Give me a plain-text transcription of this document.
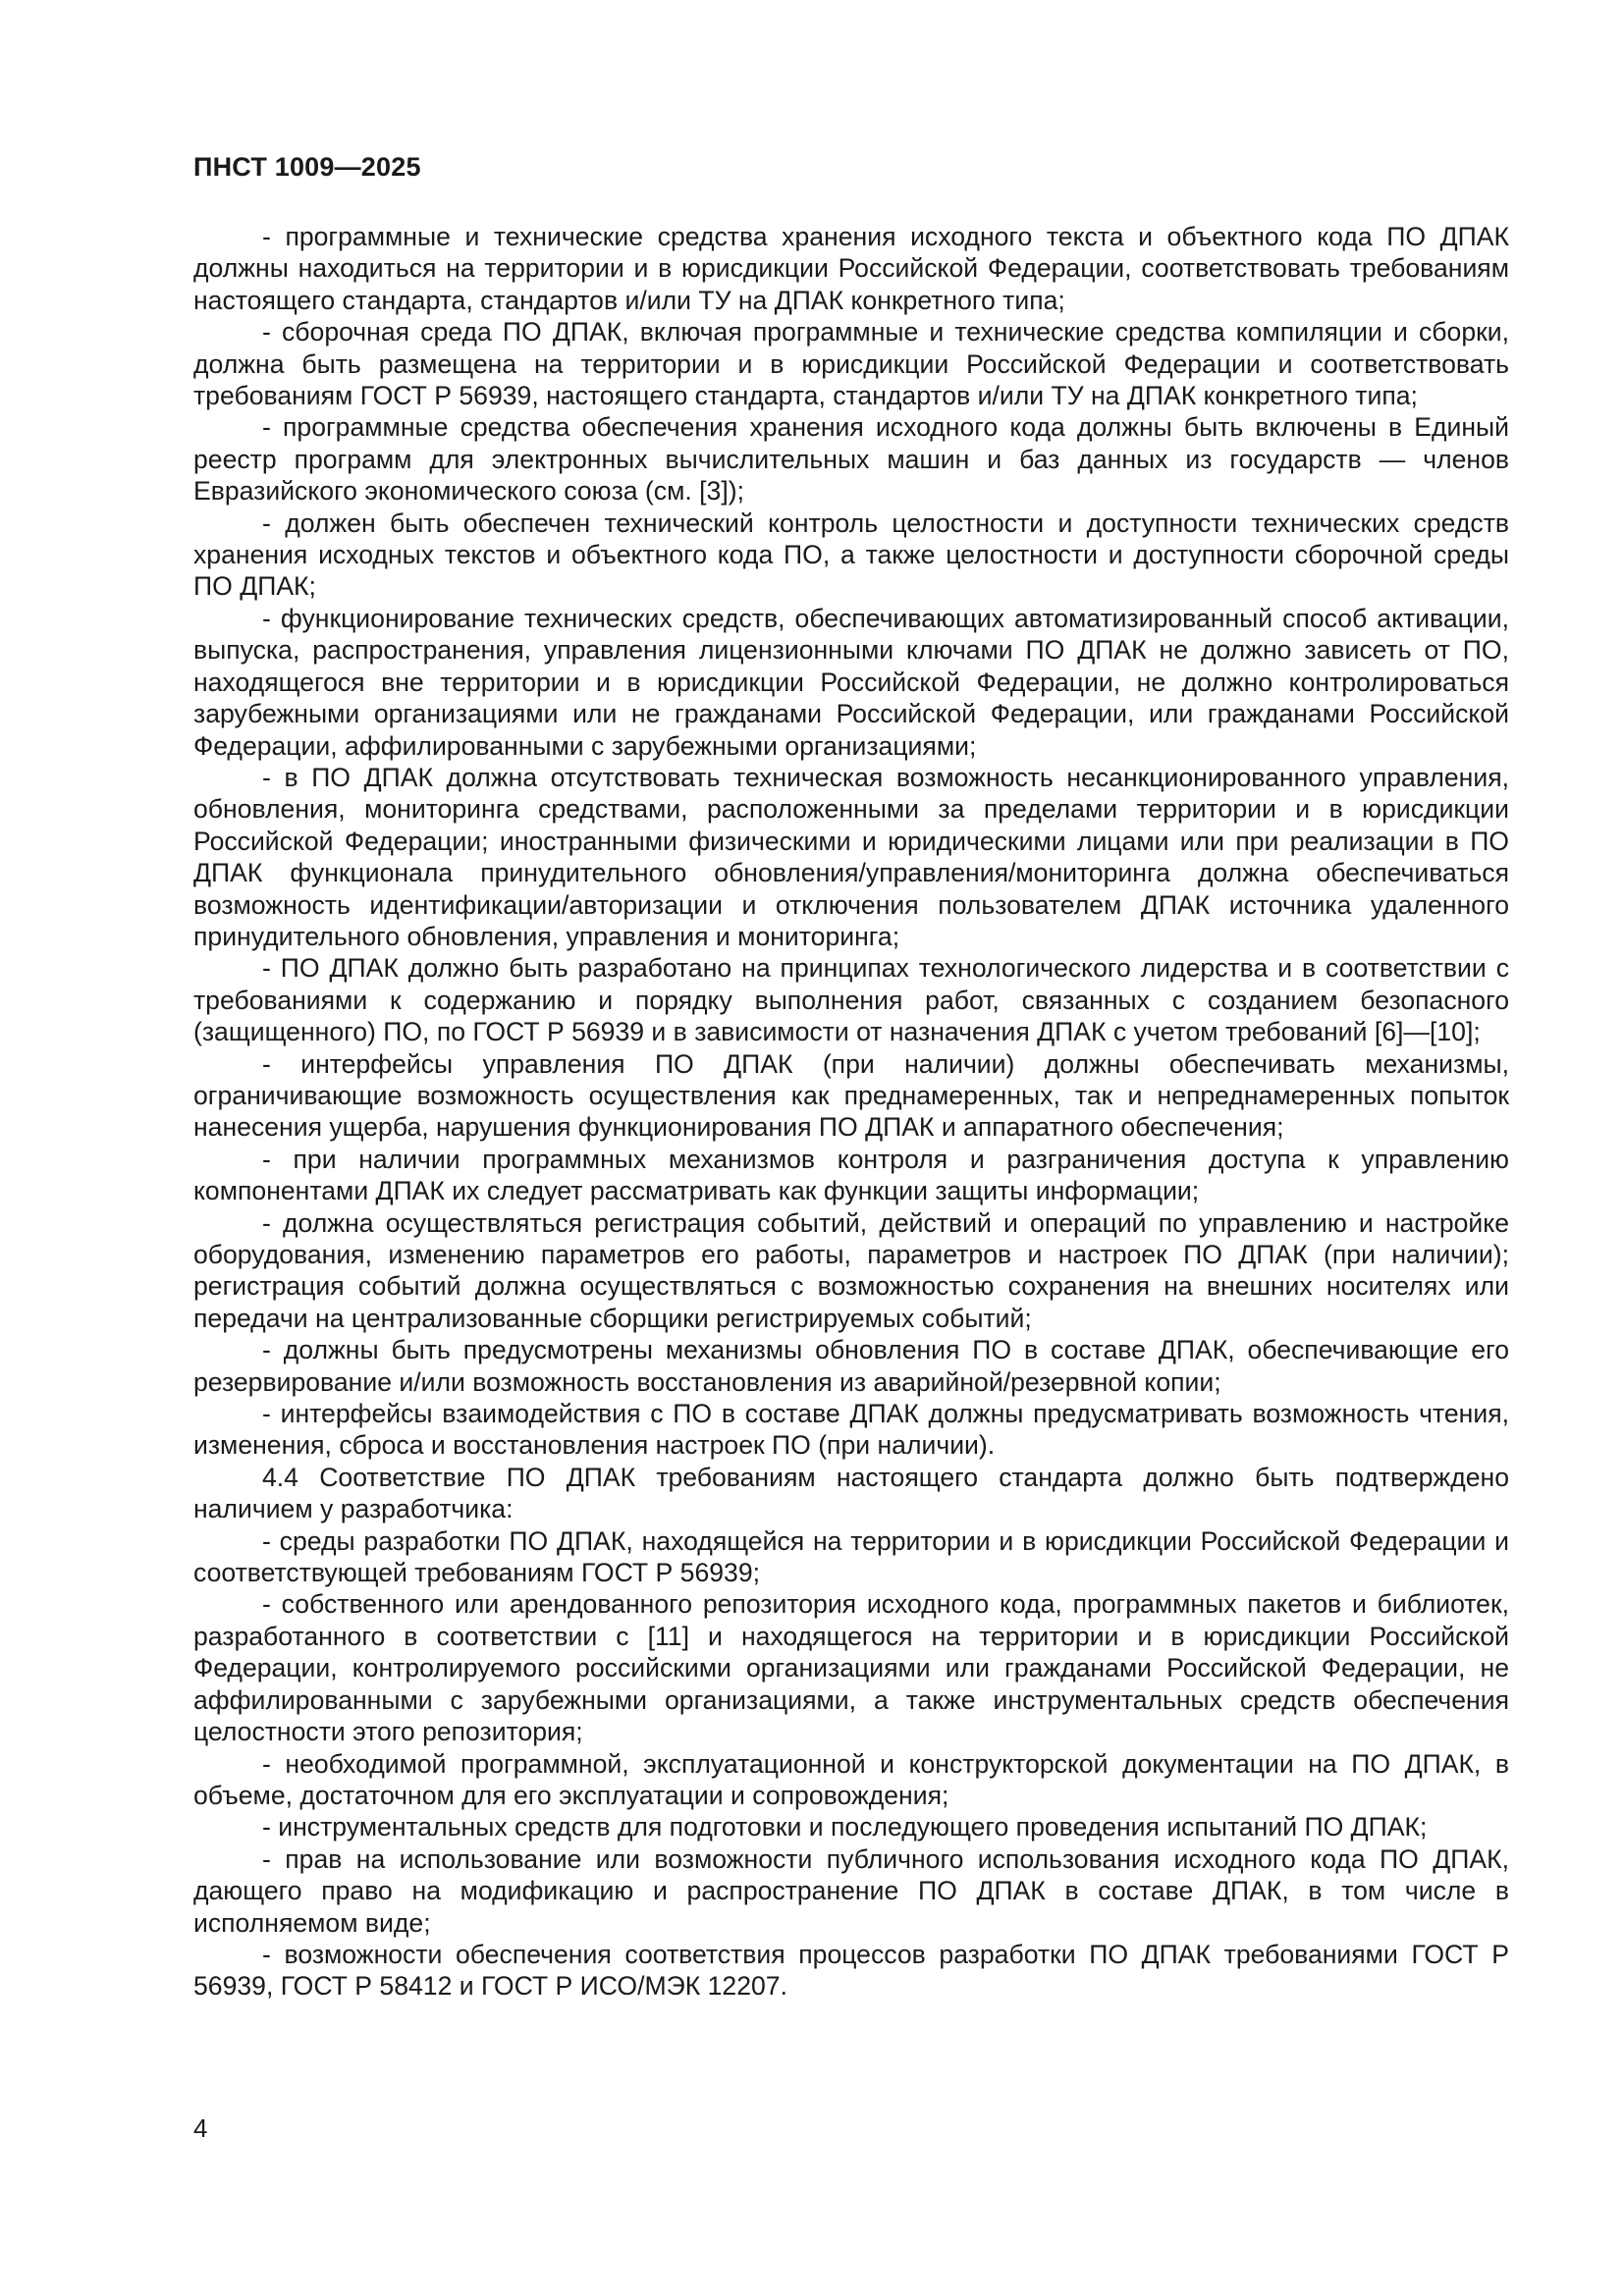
ПНСТ 1009—2025

- программные и технические средства хранения исходного текста и объектного кода ПО ДПАК должны находиться на территории и в юрисдикции Российской Федерации, соответствовать требованиям настоящего стандарта, стандартов и/или ТУ на ДПАК конкретного типа;

- сборочная среда ПО ДПАК, включая программные и технические средства компиляции и сборки, должна быть размещена на территории и в юрисдикции Российской Федерации и соответствовать требованиям ГОСТ Р 56939, настоящего стандарта, стандартов и/или ТУ на ДПАК конкретного типа;

- программные средства обеспечения хранения исходного кода должны быть включены в Единый реестр программ для электронных вычислительных машин и баз данных из государств — членов Евразийского экономического союза (см. [3]);

- должен быть обеспечен технический контроль целостности и доступности технических средств хранения исходных текстов и объектного кода ПО, а также целостности и доступности сборочной среды ПО ДПАК;

- функционирование технических средств, обеспечивающих автоматизированный способ активации, выпуска, распространения, управления лицензионными ключами ПО ДПАК не должно зависеть от ПО, находящегося вне территории и в юрисдикции Российской Федерации, не должно контролироваться зарубежными организациями или не гражданами Российской Федерации, или гражданами Российской Федерации, аффилированными с зарубежными организациями;

- в ПО ДПАК должна отсутствовать техническая возможность несанкционированного управления, обновления, мониторинга средствами, расположенными за пределами территории и в юрисдикции Российской Федерации; иностранными физическими и юридическими лицами или при реализации в ПО ДПАК функционала принудительного обновления/управления/мониторинга должна обеспечиваться возможность идентификации/авторизации и отключения пользователем ДПАК источника удаленного принудительного обновления, управления и мониторинга;

- ПО ДПАК должно быть разработано на принципах технологического лидерства и в соответствии с требованиями к содержанию и порядку выполнения работ, связанных с созданием безопасного (защищенного) ПО, по ГОСТ Р 56939 и в зависимости от назначения ДПАК с учетом требований [6]—[10];

- интерфейсы управления ПО ДПАК (при наличии) должны обеспечивать механизмы, ограничивающие возможность осуществления как преднамеренных, так и непреднамеренных попыток нанесения ущерба, нарушения функционирования ПО ДПАК и аппаратного обеспечения;

- при наличии программных механизмов контроля и разграничения доступа к управлению компонентами ДПАК их следует рассматривать как функции защиты информации;

- должна осуществляться регистрация событий, действий и операций по управлению и настройке оборудования, изменению параметров его работы, параметров и настроек ПО ДПАК (при наличии); регистрация событий должна осуществляться с возможностью сохранения на внешних носителях или передачи на централизованные сборщики регистрируемых событий;

- должны быть предусмотрены механизмы обновления ПО в составе ДПАК, обеспечивающие его резервирование и/или возможность восстановления из аварийной/резервной копии;

- интерфейсы взаимодействия с ПО в составе ДПАК должны предусматривать возможность чтения, изменения, сброса и восстановления настроек ПО (при наличии).

4.4 Соответствие ПО ДПАК требованиям настоящего стандарта должно быть подтверждено наличием у разработчика:

- среды разработки ПО ДПАК, находящейся на территории и в юрисдикции Российской Федерации и соответствующей требованиям ГОСТ Р 56939;

- собственного или арендованного репозитория исходного кода, программных пакетов и библиотек, разработанного в соответствии с [11] и находящегося на территории и в юрисдикции Российской Федерации, контролируемого российскими организациями или гражданами Российской Федерации, не аффилированными с зарубежными организациями, а также инструментальных средств обеспечения целостности этого репозитория;

- необходимой программной, эксплуатационной и конструкторской документации на ПО ДПАК, в объеме, достаточном для его эксплуатации и сопровождения;

- инструментальных средств для подготовки и последующего проведения испытаний ПО ДПАК;

- прав на использование или возможности публичного использования исходного кода ПО ДПАК, дающего право на модификацию и распространение ПО ДПАК в составе ДПАК, в том числе в исполняемом виде;

- возможности обеспечения соответствия процессов разработки ПО ДПАК требованиями ГОСТ Р 56939, ГОСТ Р 58412 и ГОСТ Р ИСО/МЭК 12207.

4
